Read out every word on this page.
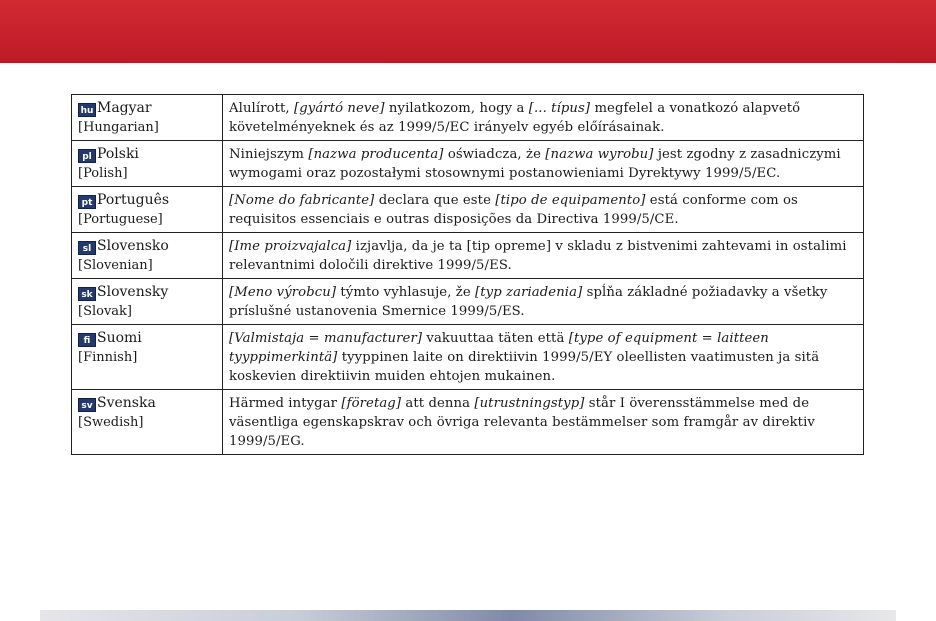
hu Magyar
[Hungarian]	Alulírott, [gyártó neve] nyilatkozom, hogy a [... típus] megfelel a vonatkozó alapvető követelményeknek és az 1999/5/EC irányelv egyéb előírásainak.
pl Polski
[Polish]	Niniejszym [nazwa producenta] oświadcza, że [nazwa wyrobu] jest zgodny z zasadniczymi wymogami oraz pozostałymi stosownymi postanowieniami Dyrektywy 1999/5/EC.
pt Português
[Portuguese]	[Nome do fabricante] declara que este [tipo de equipamento] está conforme com os requisitos essenciais e outras disposições da Directiva 1999/5/CE.
sl Slovensko
[Slovenian]	[Ime proizvajalca] izjavlja, da je ta [tip opreme] v skladu z bistvenimi zahtevami in ostalimi relevantnimi določili direktive 1999/5/ES.
sk Slovensky
[Slovak]	[Meno výrobcu] týmto vyhlasuje, že [typ zariadenia] spĺňa základné požiadavky a všetky príslušné ustanovenia Smernice 1999/5/ES.
fi Suomi
[Finnish]	[Valmistaja = manufacturer] vakuuttaa täten että [type of equipment = laitteen tyyppimerkintä] tyyppinen laite on direktiivin 1999/5/EY oleellisten vaatimusten ja sitä koskevien direktiivin muiden ehtojen mukainen.
sv Svenska
[Swedish]	Härmed intygar [företag] att denna [utrustningstyp] står I överensstämmelse med de väsentliga egenskapskrav och övriga relevanta bestämmelser som framgår av direktiv 1999/5/EG.
